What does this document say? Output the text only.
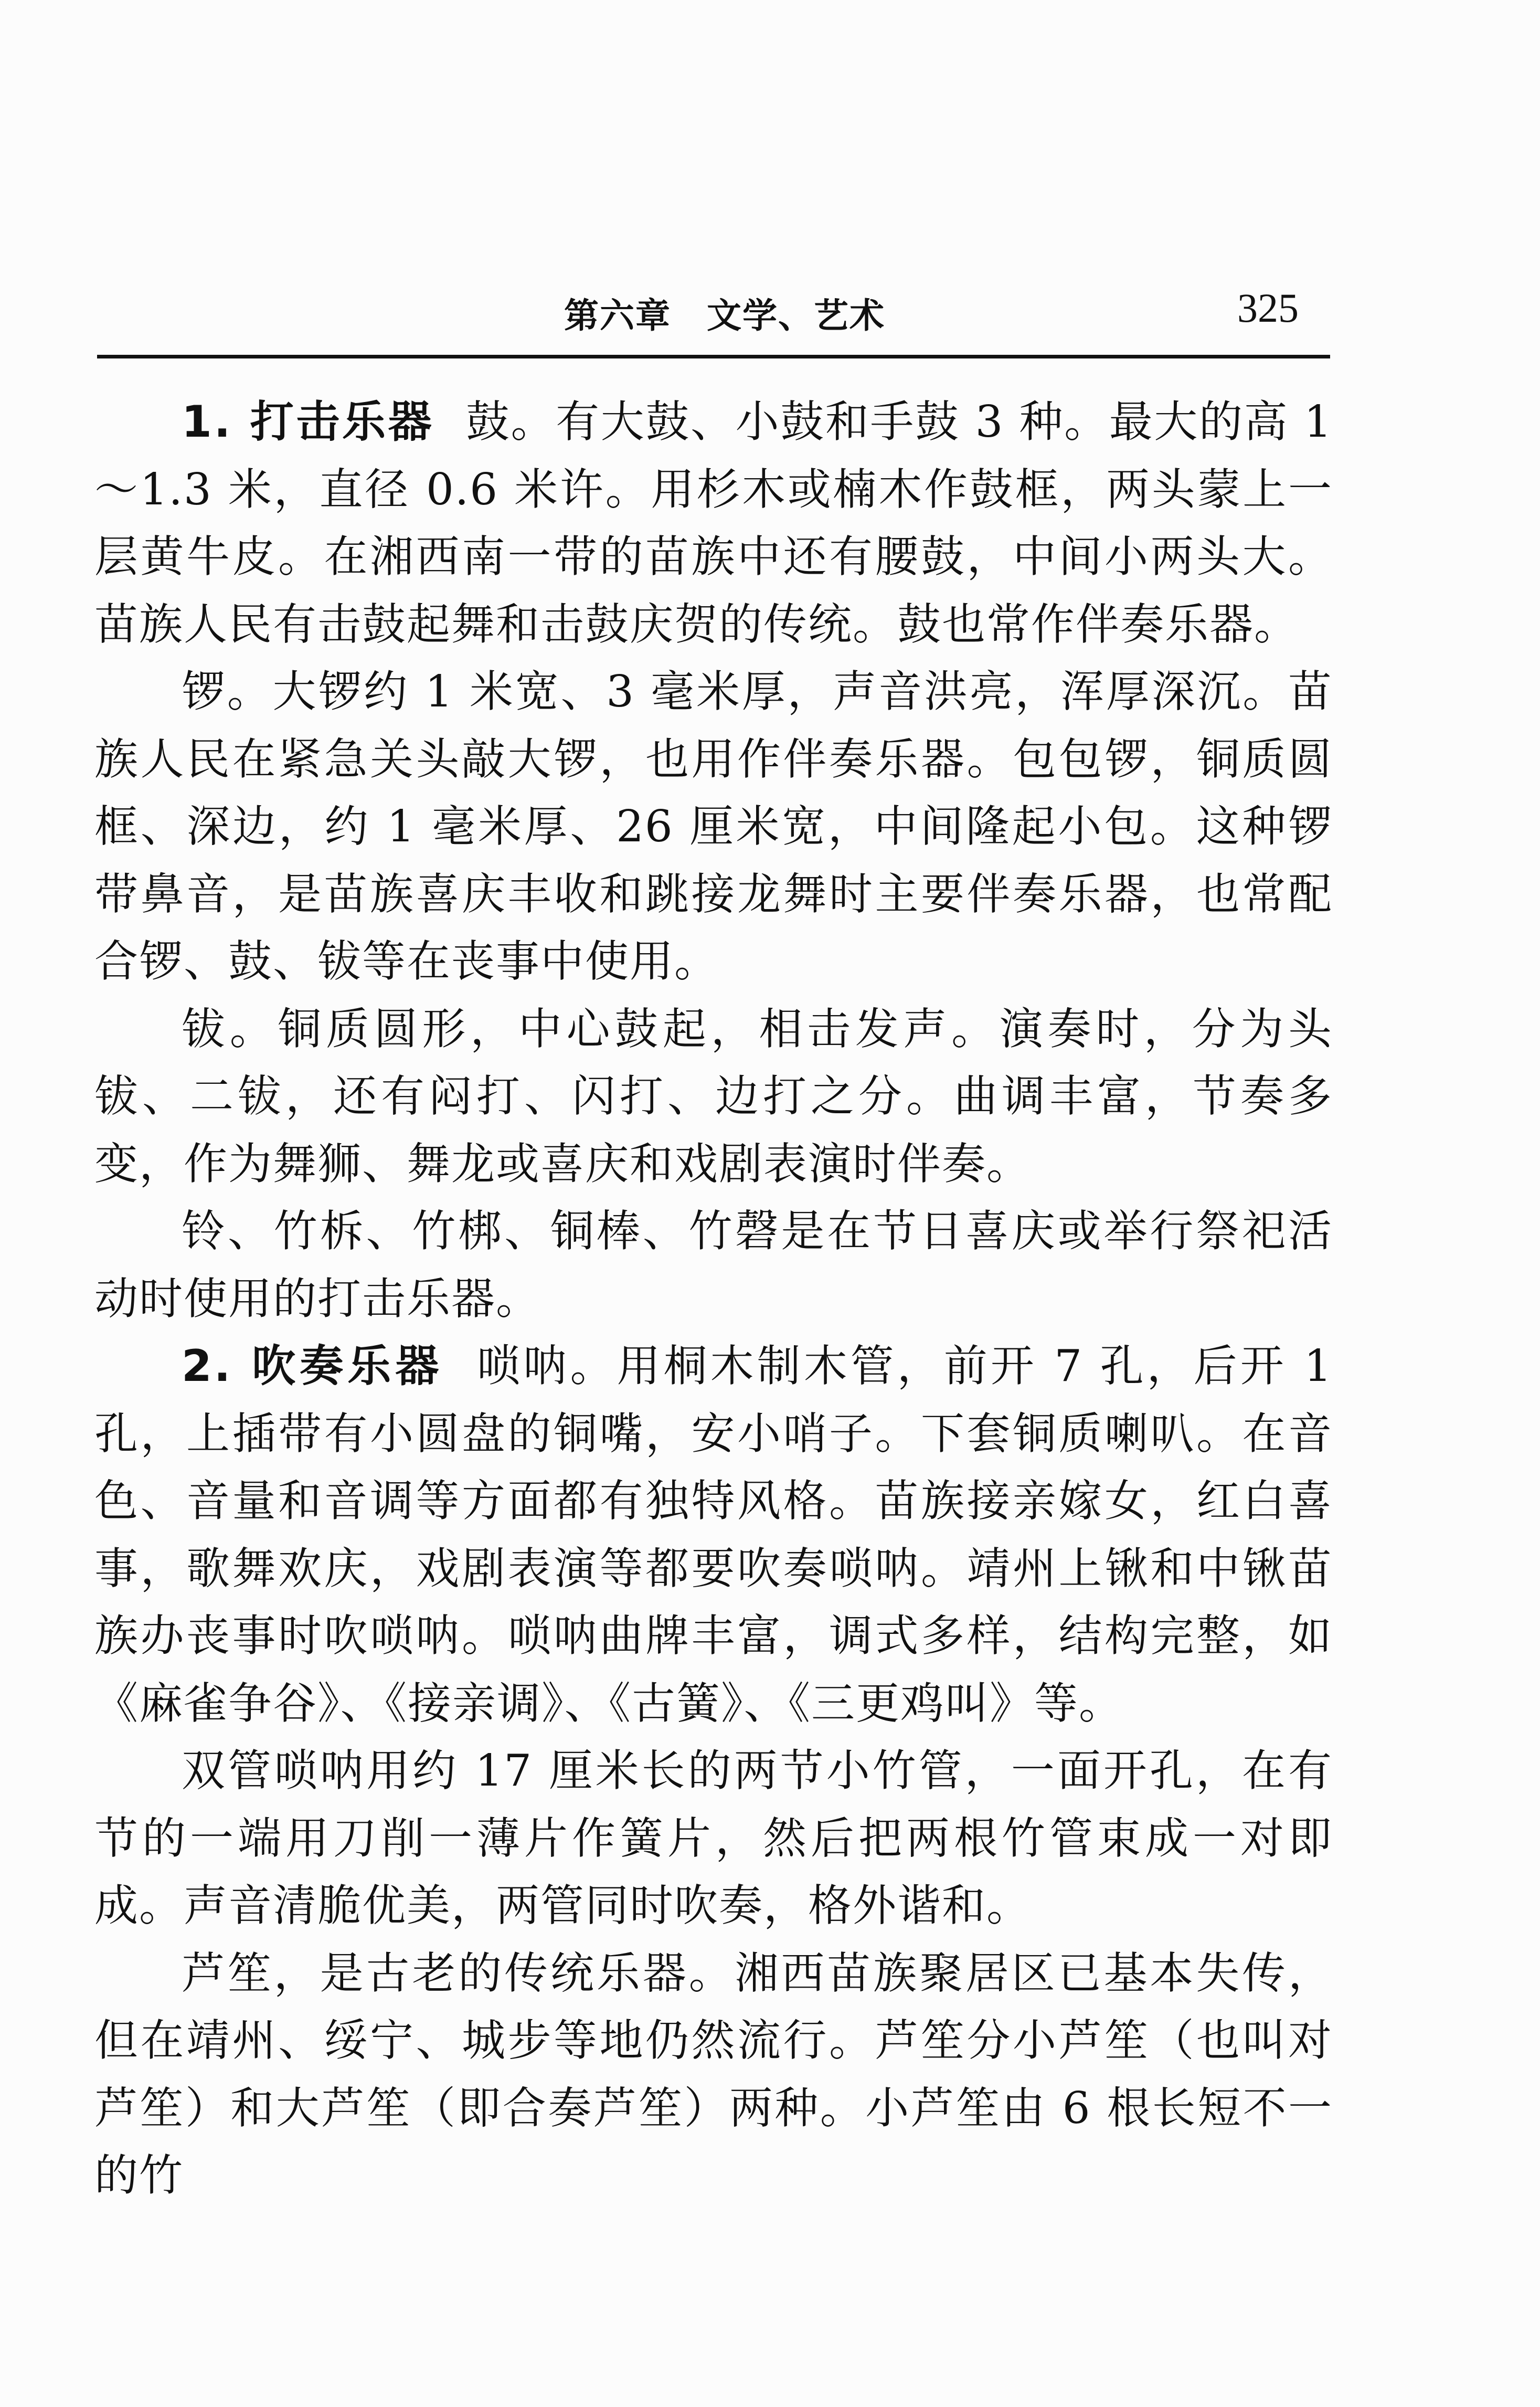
第六章　文学、艺术	325

1. 打击乐器 鼓。有大鼓、小鼓和手鼓 3 种。最大的高 1～1.3 米，直径 0.6 米许。用杉木或楠木作鼓框，两头蒙上一层黄牛皮。在湘西南一带的苗族中还有腰鼓，中间小两头大。苗族人民有击鼓起舞和击鼓庆贺的传统。鼓也常作伴奏乐器。

锣。大锣约 1 米宽、3 毫米厚，声音洪亮，浑厚深沉。苗族人民在紧急关头敲大锣，也用作伴奏乐器。包包锣，铜质圆框、深边，约 1 毫米厚、26 厘米宽，中间隆起小包。这种锣带鼻音，是苗族喜庆丰收和跳接龙舞时主要伴奏乐器，也常配合锣、鼓、钹等在丧事中使用。

钹。铜质圆形，中心鼓起，相击发声。演奏时，分为头钹、二钹，还有闷打、闪打、边打之分。曲调丰富，节奏多变，作为舞狮、舞龙或喜庆和戏剧表演时伴奏。

铃、竹柝、竹梆、铜棒、竹磬是在节日喜庆或举行祭祀活动时使用的打击乐器。

2. 吹奏乐器 唢呐。用桐木制木管，前开 7 孔，后开 1 孔，上插带有小圆盘的铜嘴，安小哨子。下套铜质喇叭。在音色、音量和音调等方面都有独特风格。苗族接亲嫁女，红白喜事，歌舞欢庆，戏剧表演等都要吹奏唢呐。靖州上锹和中锹苗族办丧事时吹唢呐。唢呐曲牌丰富，调式多样，结构完整，如《麻雀争谷》、《接亲调》、《古簧》、《三更鸡叫》等。

双管唢呐用约 17 厘米长的两节小竹管，一面开孔，在有节的一端用刀削一薄片作簧片，然后把两根竹管束成一对即成。声音清脆优美，两管同时吹奏，格外谐和。

芦笙，是古老的传统乐器。湘西苗族聚居区已基本失传，但在靖州、绥宁、城步等地仍然流行。芦笙分小芦笙（也叫对芦笙）和大芦笙（即合奏芦笙）两种。小芦笙由 6 根长短不一的竹
